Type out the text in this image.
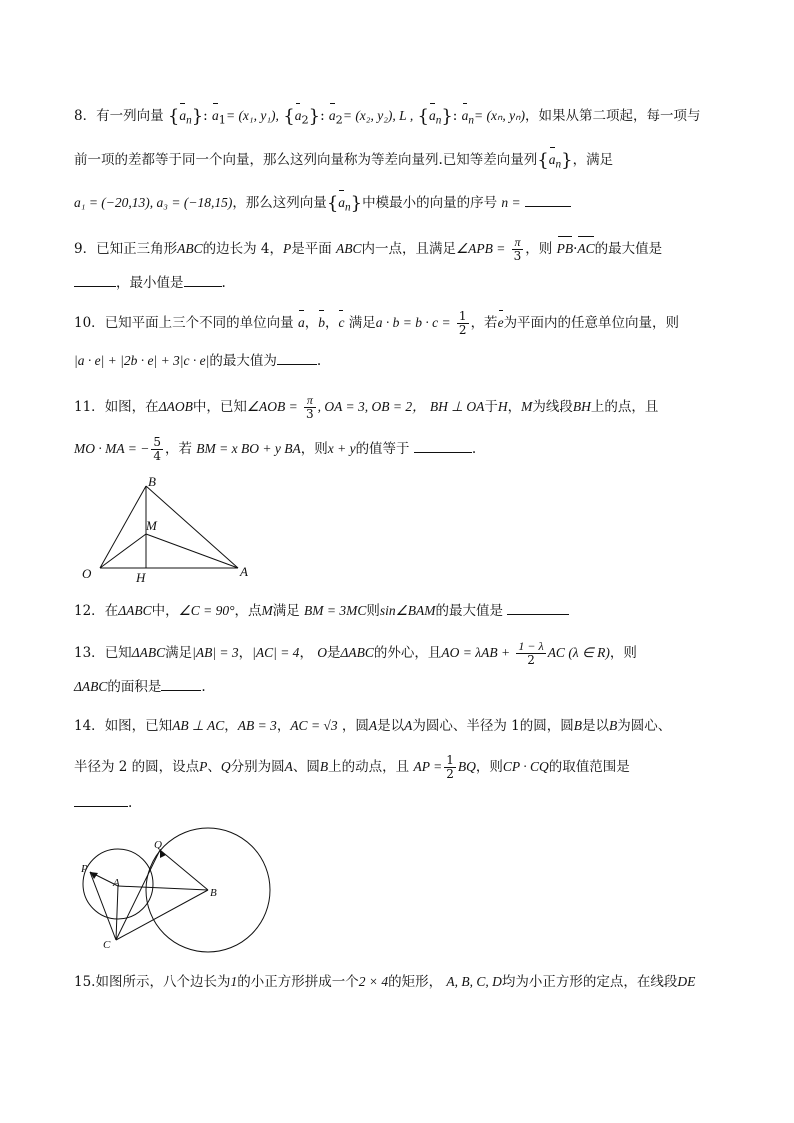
8．有一列向量 $\{a_n\}$: $a_1= (x_1$, y₁), $\{a_2\}$: $a_2= (x_2$, y₂), L , $\{a_n\}$: $a_n= (x_n$, yₙ)，如果从第二项起，每一项与
前一项的差都等于同一个向量，那么这列向量称为等差向量列.已知等差向量列$\{a_n\}$，满足
a₁ = (−20,13), a₃ = (−18,15)，那么这列向量$\{a_n\}$中模最小的向量的序号 n =
9．已知正三角形ABC的边长为 4，P是平面 ABC内一点，且满足∠APB = $\frac{\pi}{3}$ ，则 PB·AC的最大值是
，最小值是	.
10．已知平面上三个不同的单位向量 a，b，c 满足$a \cdot b = b \cdot c = \frac{1}{2}$ ，若e为平面内的任意单位向量，则
|a · e| + |2b · e| + 3|c · e|的最大值为	.
11．如图，在ΔAOB中，已知∠AOB = $\frac{\pi}{3}$ , OA = 3, OB = 2， BH ⊥ OA于H，M为线段BH上的点，且
MO · MA = − $\frac{5}{4}$ ，若 BM = x BO + y BA，则x + y的值等于	.
B
M
O	H	A
12．在ΔABC中，∠C = 90°，点M满足 BM = 3MC则sin∠BAM的最大值是
13．已知ΔABC满足|AB| = 3，|AC| = 4， O是ΔABC的外心，且AO = $\lambda AB + \frac{1 - \lambda}{2}$ AC (λ ∈ R)，则
ΔABC的面积是	.
14．如图，已知AB ⊥ AC，AB = 3，AC = √3 ，圆A是以A为圆心、半径为 1的圆，圆B是以B为圆心、
半径为 2 的圆，设点P、Q分别为圆A、圆B上的动点，且 AP = $\frac{1}{2}$ BQ，则CP · CQ的取值范围是
.
Q
P
A
B
C
15.如图所示，八个边长为1的小正方形拼成一个2 × 4的矩形， A, B, C, D均为小正方形的定点，在线段DE
